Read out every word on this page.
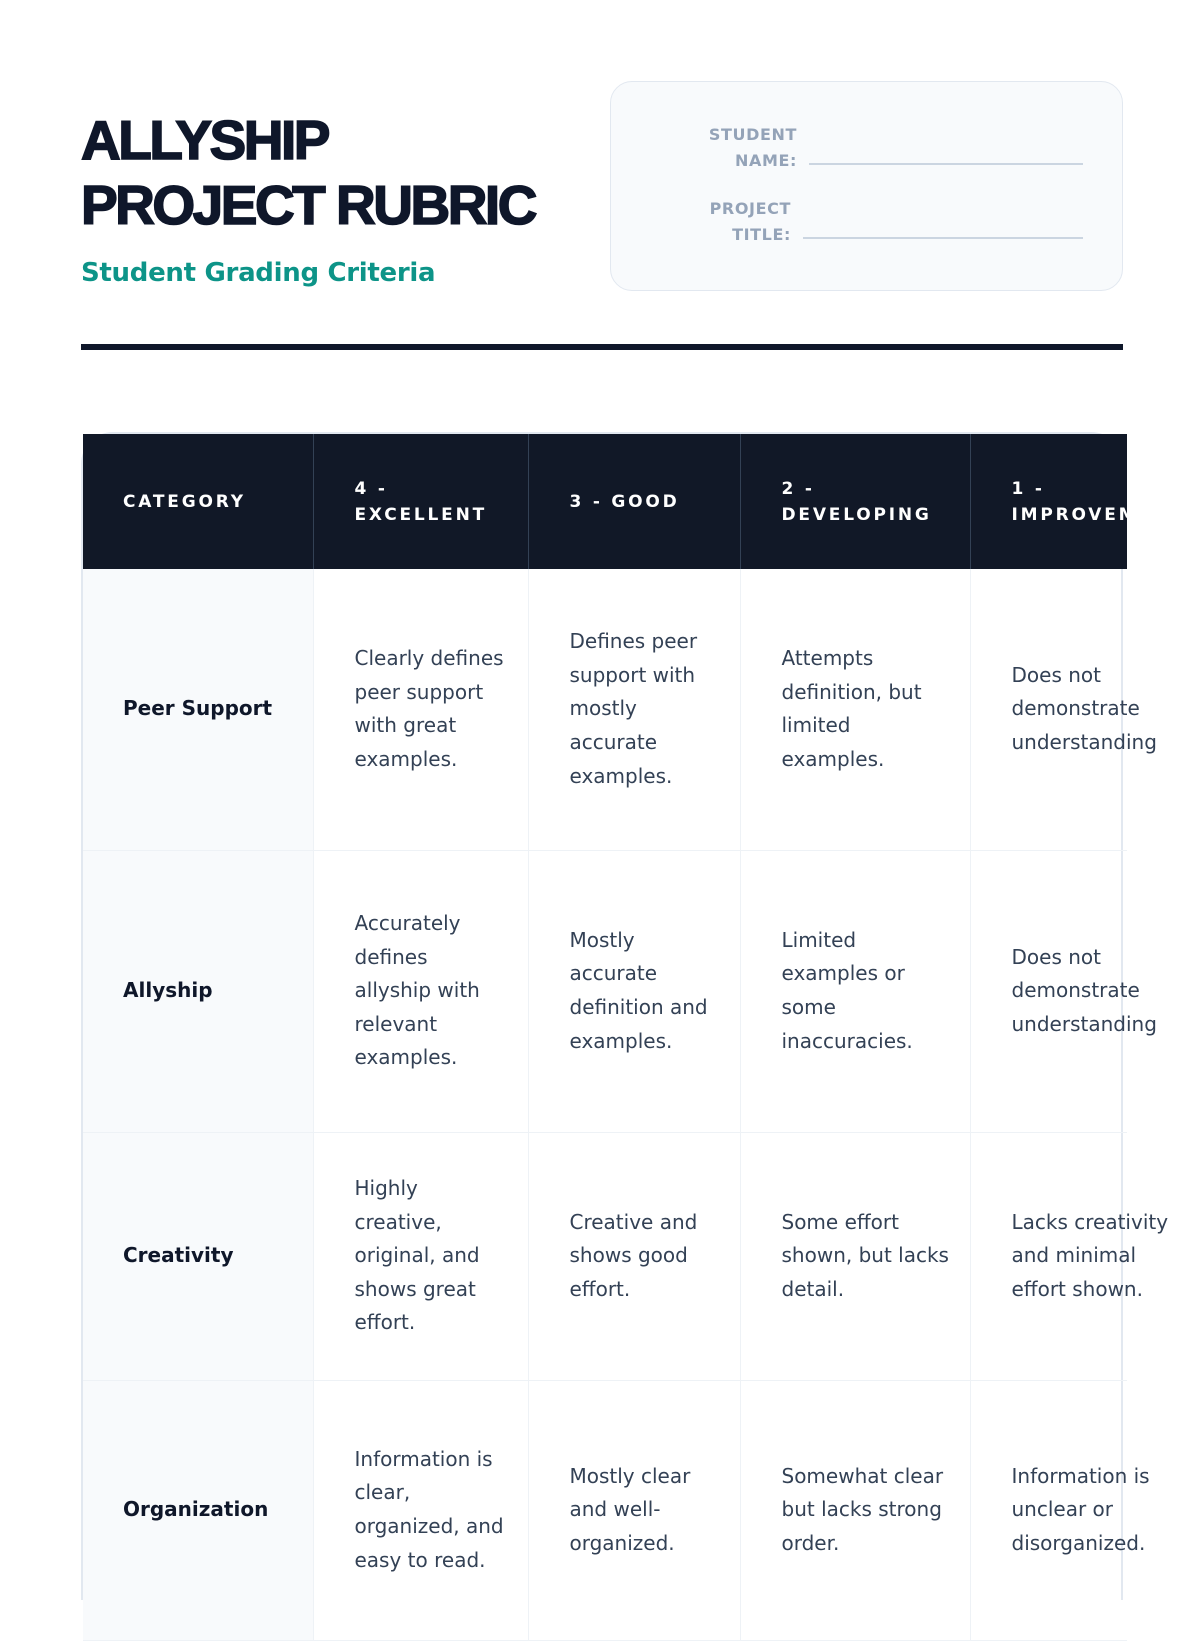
ALLYSHIP
PROJECT RUBRIC
Student Grading Criteria
STUDENT
NAME:
PROJECT
TITLE:
CATEGORY	4 - EXCELLENT	3 - GOOD	2 - DEVELOPING	1 -
IMPROVEMENT

Peer Support	Clearly defines peer support with great examples.	Defines peer support with mostly accurate examples.	Attempts definition, but limited examples.	Does not
demonstrate
understanding

Allyship	Accurately defines allyship with relevant examples.	Mostly accurate definition and examples.	Limited examples or some inaccuracies.	Does not
demonstrate
understanding

Creativity	Highly creative, original, and shows great effort.	Creative and shows good effort.	Some effort shown, but lacks detail.	Lacks creativity
and minimal
effort shown.

Organization	Information is clear, organized, and easy to read.	Mostly clear and well-organized.	Somewhat clear but lacks strong order.	Information is
unclear or
disorganized.
